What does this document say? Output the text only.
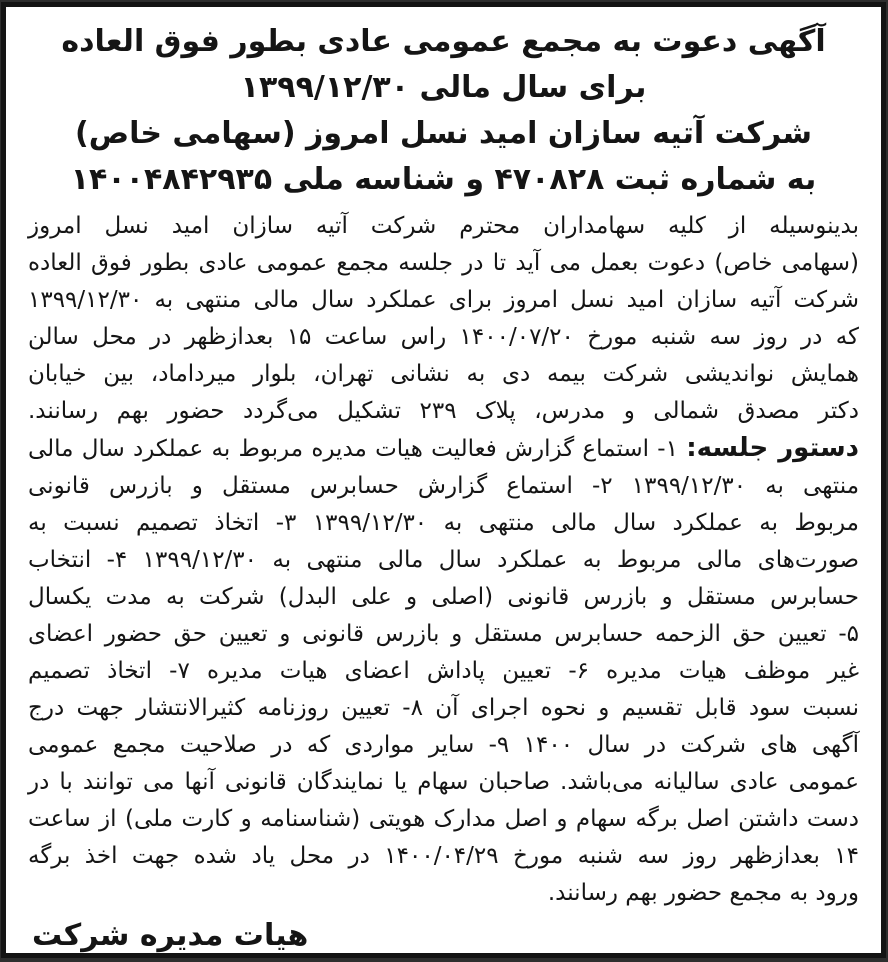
آگهی دعوت به مجمع عمومی عادی بطور فوق العاده
برای سال مالی ۱۳۹۹/۱۲/۳۰
شرکت آتیه سازان امید نسل امروز (سهامی خاص)
به شماره ثبت ۴۷۰۸۲۸ و شناسه ملی ۱۴۰۰۴۸۴۲۹۳۵
بدینوسیله از کلیه سهامداران محترم شرکت آتیه سازان امید نسل امروز
(سهامی خاص) دعوت بعمل می آید تا در جلسه مجمع عمومی عادی بطور فوق العاده
شرکت آتیه سازان امید نسل امروز برای عملکرد سال مالی منتهی به ۱۳۹۹/۱۲/۳۰
که در روز سه شنبه مورخ ۱۴۰۰/۰۷/۲۰ راس ساعت ۱۵ بعدازظهر در محل سالن
همایش نواندیشی شرکت بیمه دی به نشانی تهران، بلوار میرداماد، بین خیابان
دکتر مصدق شمالی و مدرس، پلاک ۲۳۹ تشکیل می‌گردد حضور بهم رسانند.
دستور جلسه: ۱- استماع گزارش فعالیت هیات مدیره مربوط به عملکرد سال مالی
منتهی به ۱۳۹۹/۱۲/۳۰ ۲- استماع گزارش حسابرس مستقل و بازرس قانونی
مربوط به عملکرد سال مالی منتهی به ۱۳۹۹/۱۲/۳۰ ۳- اتخاذ تصمیم نسبت به
صورت‌های مالی مربوط به عملکرد سال مالی منتهی به ۱۳۹۹/۱۲/۳۰ ۴- انتخاب
حسابرس مستقل و بازرس قانونی (اصلی و علی البدل) شرکت به مدت یکسال
۵- تعیین حق الزحمه حسابرس مستقل و بازرس قانونی و تعیین حق حضور اعضای
غیر موظف هیات مدیره ۶- تعیین پاداش اعضای هیات مدیره ۷- اتخاذ تصمیم
نسبت سود قابل تقسیم و نحوه اجرای آن ۸- تعیین روزنامه کثیرالانتشار جهت درج
آگهی های شرکت در سال ۱۴۰۰ ۹- سایر مواردی که در صلاحیت مجمع عمومی
عمومی عادی سالیانه می‌باشد. صاحبان سهام یا نمایندگان قانونی آنها می توانند با در
دست داشتن اصل برگه سهام و اصل مدارک هویتی (شناسنامه و کارت ملی) از ساعت
۱۴ بعدازظهر روز سه شنبه مورخ ۱۴۰۰/۰۴/۲۹ در محل یاد شده جهت اخذ برگه
ورود به مجمع حضور بهم رسانند.
هیات مدیره شرکت
